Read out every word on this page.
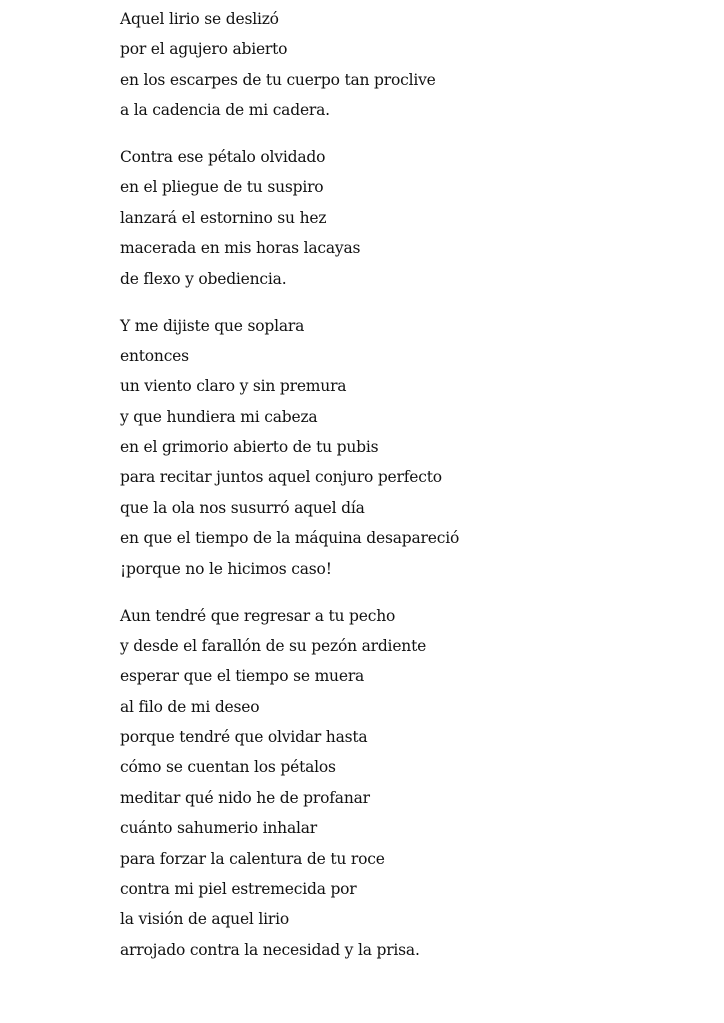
Aquel lirio se deslizó
por el agujero abierto
en los escarpes de tu cuerpo tan proclive
a la cadencia de mi cadera.
Contra ese pétalo olvidado
en el pliegue de tu suspiro
lanzará el estornino su hez
macerada en mis horas lacayas
de flexo y obediencia.
Y me dijiste que soplara
entonces
un viento claro y sin premura
y que hundiera mi cabeza
en el grimorio abierto de tu pubis
para recitar juntos aquel conjuro perfecto
que la ola nos susurró aquel día
en que el tiempo de la máquina desapareció
¡porque no le hicimos caso!
Aun tendré que regresar a tu pecho
y desde el farallón de su pezón ardiente
esperar que el tiempo se muera
al filo de mi deseo
porque tendré que olvidar hasta
cómo se cuentan los pétalos
meditar qué nido he de profanar
cuánto sahumerio inhalar
para forzar la calentura de tu roce
contra mi piel estremecida por
la visión de aquel lirio
arrojado contra la necesidad y la prisa.
